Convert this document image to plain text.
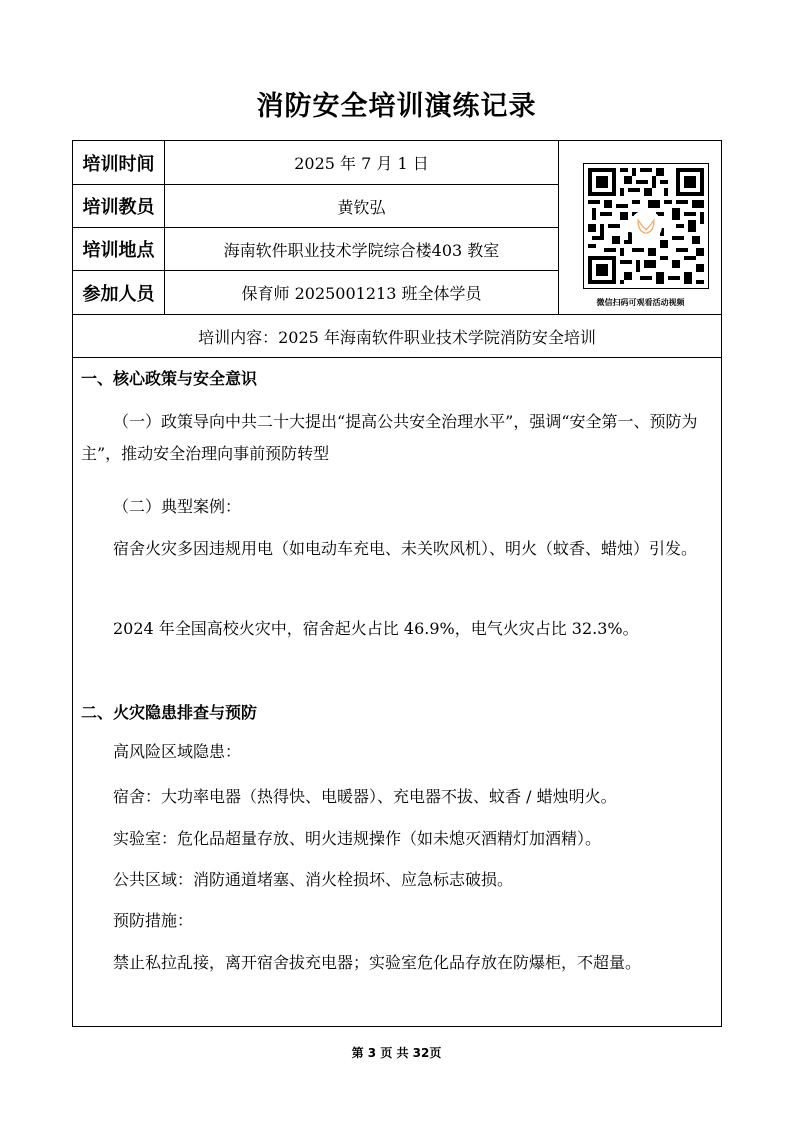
消防安全培训演练记录
培训时间	2025 年 7 月 1 日
培训教员	黄钦弘
培训地点	海南软件职业技术学院综合楼403 教室
参加人员	保育师 2025001213 班全体学员	微信扫码可观看活动视频
培训内容：2025 年海南软件职业技术学院消防安全培训
一、核心政策与安全意识
（一）政策导向中共二十大提出“提高公共安全治理水平”，强调“安全第一、预防为主”，推动安全治理向事前预防转型
（二）典型案例：
宿舍火灾多因违规用电（如电动车充电、未关吹风机）、明火（蚊香、蜡烛）引发。
2024 年全国高校火灾中，宿舍起火占比 46.9%，电气火灾占比 32.3%。
二、火灾隐患排查与预防
高风险区域隐患：
宿舍：大功率电器（热得快、电暖器）、充电器不拔、蚊香 / 蜡烛明火。
实验室：危化品超量存放、明火违规操作（如未熄灭酒精灯加酒精）。
公共区域：消防通道堵塞、消火栓损坏、应急标志破损。
预防措施：
禁止私拉乱接，离开宿舍拔充电器；实验室危化品存放在防爆柜，不超量。
第 3 页 共 32页
